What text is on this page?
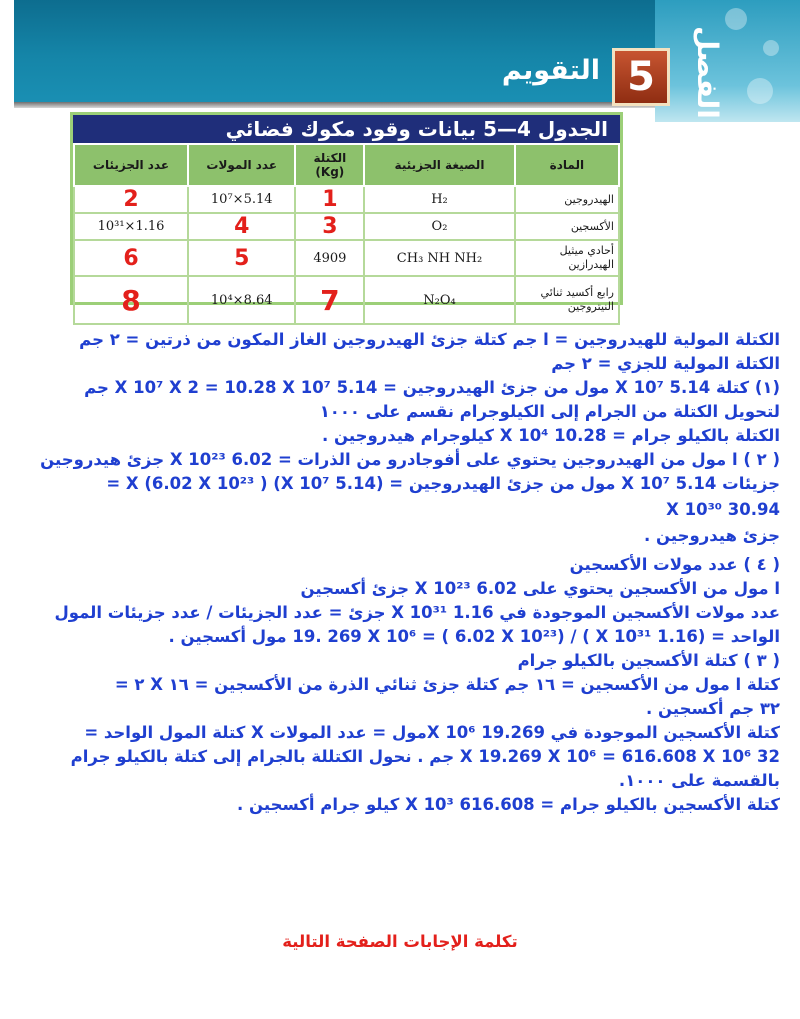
الفصل
5
التقويم
الجدول 4—5 بيانات وقود مكوك فضائي
المادة	الصيغة الجزيئية	الكتلة (Kg)	عدد المولات	عدد الجزيئات
الهيدروجين	H₂	1	5.14×10⁷	2
الأكسجين	O₂	3	4	1.16×10³¹
أحادي ميثيل الهيدرازين	CH₃ NH NH₂	4909	5	6
رابع أكسيد ثنائي النيتروجين	N₂O₄	7	8.64×10⁴	8
الكتلة المولية للهيدروجين = ا جم كتلة جزئ الهيدروجين الغاز المكون من ذرتين = ٢ جم
الكتلة المولية للجزي = ٢ جم
(١) كتلة 5.14 X 10⁷ مول من جزئ الهيدروجين = 5.14 X 10⁷ X 2 = 10.28 X 10⁷ جم
لتحويل الكتلة من الجرام إلى الكيلوجرام نقسم على ١٠٠٠
الكتلة بالكيلو جرام = 10.28 X 10⁴ كيلوجرام هيدروجين .
( ٢ ) ا مول من الهيدروجين يحتوي على أفوجادرو من الذرات = 6.02 X 10²³ جزئ هيدروجين
جزيئات 5.14 X 10⁷ مول من جزئ الهيدروجين = (5.14 X 10⁷) X (6.02 X 10²³ ) =
30.94 X 10³⁰
جزئ هيدروجين .
( ٤ ) عدد مولات الأكسجين
ا مول من الأكسجين يحتوي على 6.02 X 10²³ جزئ أكسجين
عدد مولات الأكسجين الموجودة في 1.16 X 10³¹ جزئ = عدد الجزيئات / عدد جزيئات المول
الواحد = (1.16 X 10³¹ ) / (6.02 X 10²³ ) = 19. 269 X 10⁶ مول أكسجين .
( ٣ ) كتلة الأكسجين بالكيلو جرام
كتلة ا مول من الأكسجين = ١٦ جم كتلة جزئ ثنائي الذرة من الأكسجين = ١٦ X ٢ =
٣٢ جم أكسجين .
كتلة الأكسجين الموجودة في 19.269 X 10⁶مول = عدد المولات X كتلة المول الواحد =
32 X 19.269 X 10⁶ = 616.608 X 10⁶ جم . نحول الكتللة بالجرام إلى كتلة بالكيلو جرام
بالقسمة على ١٠٠٠.
كتلة الأكسجين بالكيلو جرام = 616.608 X 10³ كيلو جرام أكسجين .
تكلمة الإجابات الصفحة التالية
